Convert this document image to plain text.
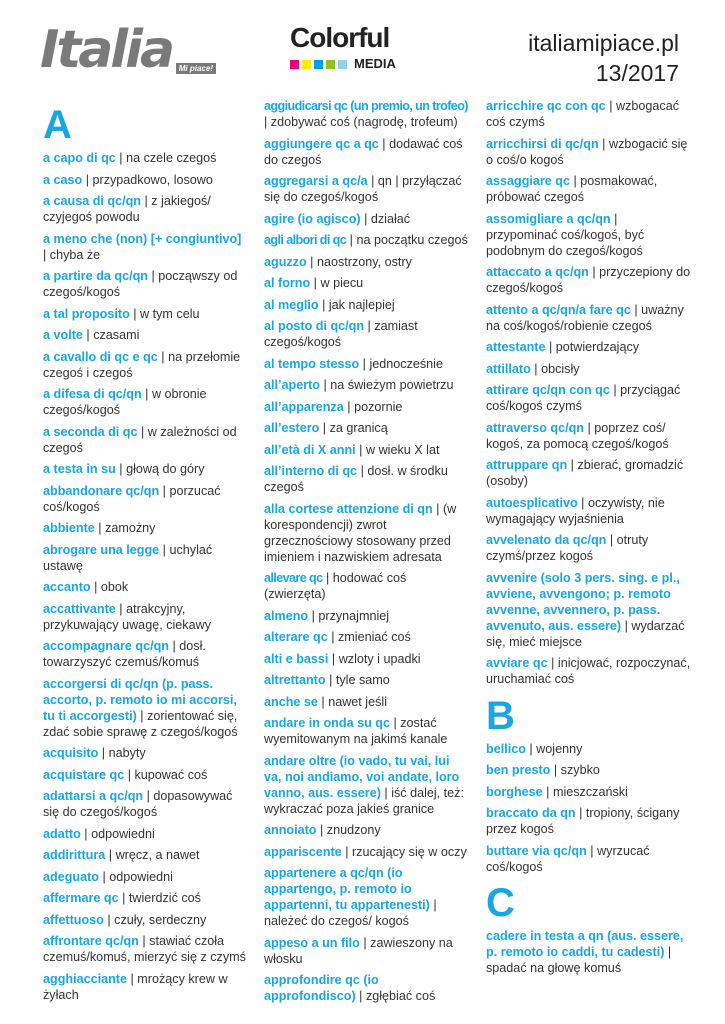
Italia Mi piace!
Colorful
MEDIA
italiamipiace.pl
13/2017
A
a capo di qc | na czele czegoś
a caso | przypadkowo, losowo
a causa di qc/qn | z jakiegoś/ czyjegoś powodu
a meno che (non) [+ congiuntivo] | chyba że
a partire da qc/qn | począwszy od czegoś/kogoś
a tal proposito | w tym celu
a volte | czasami
a cavallo di qc e qc | na przełomie czegoś i czegoś
a difesa di qc/qn | w obronie czegoś/kogoś
a seconda di qc | w zależności od czegoś
a testa in su | głową do góry
abbandonare qc/qn | porzucać coś/kogoś
abbiente | zamożny
abrogare una legge | uchylać ustawę
accanto | obok
accattivante | atrakcyjny, przykuwający uwagę, ciekawy
accompagnare qc/qn | dosł. towarzyszyć czemuś/komuś
accorgersi di qc/qn (p. pass. accorto, p. remoto io mi accorsi, tu ti accorgesti) | zorientować się, zdać sobie sprawę z czegoś/kogoś
acquisito | nabyty
acquistare qc | kupować coś
adattarsi a qc/qn | dopasowywać się do czegoś/kogoś
adatto | odpowiedni
addirittura | wręcz, a nawet
adeguato | odpowiedni
affermare qc | twierdzić coś
affettuoso | czuły, serdeczny
affrontare qc/qn | stawiać czoła czemuś/komuś, mierzyć się z czymś
agghiacciante | mrożący krew w żyłach
aggiudicarsi qc (un premio, un trofeo) | zdobywać coś (nagrodę, trofeum)
aggiungere qc a qc | dodawać coś do czegoś
aggregarsi a qc/a | qn | przyłączać się do czegoś/kogoś
agire (io agisco) | działać
agli albori di qc | na początku czegoś
aguzzo | naostrzony, ostry
al forno | w piecu
al meglio | jak najlepiej
al posto di qc/qn | zamiast czegoś/kogoś
al tempo stesso | jednocześnie
all’aperto | na świeżym powietrzu
all’apparenza | pozornie
all’estero | za granicą
all’età di X anni | w wieku X lat
all’interno di qc | dosł. w środku czegoś
alla cortese attenzione di qn | (w korespondencji) zwrot grzecznościowy stosowany przed imieniem i nazwiskiem adresata
allevare qc | hodować coś (zwierzęta)
almeno | przynajmniej
alterare qc | zmieniać coś
alti e bassi | wzloty i upadki
altrettanto | tyle samo
anche se | nawet jeśli
andare in onda su qc | zostać wyemitowanym na jakimś kanale
andare oltre (io vado, tu vai, lui va, noi andiamo, voi andate, loro vanno, aus. essere) | iść dalej, też: wykraczać poza jakieś granice
annoiato | znudzony
appariscente | rzucający się w oczy
appartenere a qc/qn (io appartengo, p. remoto io appartenni, tu appartenesti) | należeć do czegoś/ kogoś
appeso a un filo | zawieszony na włosku
approfondire qc (io approfondisco) | zgłębiać coś
arricchire qc con qc | wzbogacać coś czymś
arricchirsi di qc/qn | wzbogacić się o coś/o kogoś
assaggiare qc | posmakować, próbować czegoś
assomigliare a qc/qn | przypominać coś/kogoś, być podobnym do czegoś/kogoś
attaccato a qc/qn | przyczepiony do czegoś/kogoś
attento a qc/qn/a fare qc | uważny na coś/kogoś/robienie czegoś
attestante | potwierdzający
attillato | obcisły
attirare qc/qn con qc | przyciągać coś/kogoś czymś
attraverso qc/qn | poprzez coś/ kogoś, za pomocą czegoś/kogoś
attruppare qn | zbierać, gromadzić (osoby)
autoesplicativo | oczywisty, nie wymagający wyjaśnienia
avvelenato da qc/qn | otruty czymś/przez kogoś
avvenire (solo 3 pers. sing. e pl., avviene, avvengono; p. remoto avvenne, avvennero, p. pass. avvenuto, aus. essere) | wydarzać się, mieć miejsce
avviare qc | inicjować, rozpoczynać, uruchamiać coś
B
bellico | wojenny
ben presto | szybko
borghese | mieszczański
braccato da qn | tropiony, ścigany przez kogoś
buttare via qc/qn | wyrzucać coś/kogoś
C
cadere in testa a qn (aus. essere, p. remoto io caddi, tu cadesti) | spadać na głowę komuś
